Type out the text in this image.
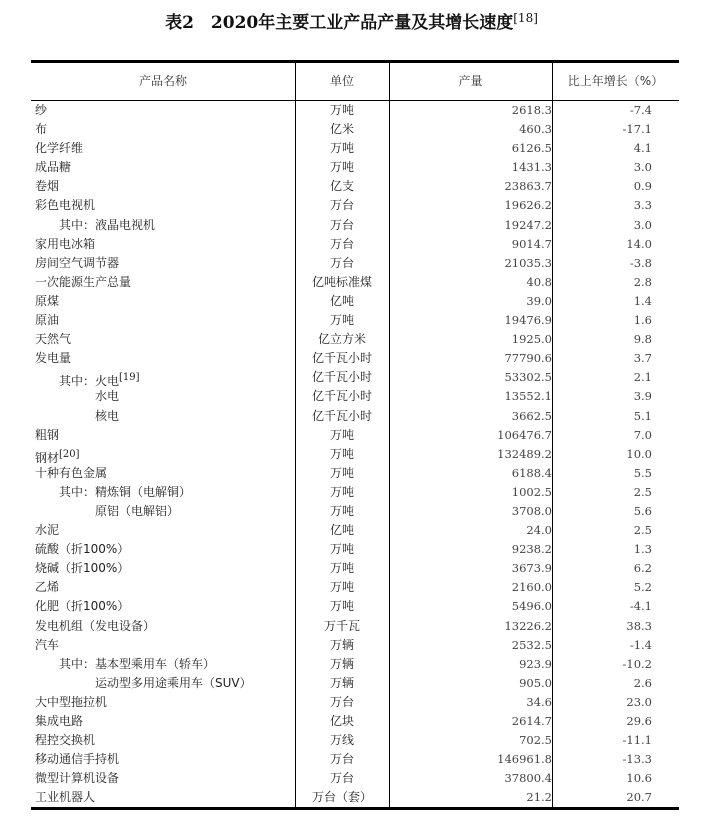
表2　2020年主要工业产品产量及其增长速度[18]
产品名称	单位	产量	比上年增长（%）
纱	万吨	2618.3	-7.4
布	亿米	460.3	-17.1
化学纤维	万吨	6126.5	4.1
成品糖	万吨	1431.3	3.0
卷烟	亿支	23863.7	0.9
彩色电视机	万台	19626.2	3.3
其中：液晶电视机	万台	19247.2	3.0
家用电冰箱	万台	9014.7	14.0
房间空气调节器	万台	21035.3	-3.8
一次能源生产总量	亿吨标准煤	40.8	2.8
原煤	亿吨	39.0	1.4
原油	万吨	19476.9	1.6
天然气	亿立方米	1925.0	9.8
发电量	亿千瓦小时	77790.6	3.7
其中：火电[19]	亿千瓦小时	53302.5	2.1
水电	亿千瓦小时	13552.1	3.9
核电	亿千瓦小时	3662.5	5.1
粗钢	万吨	106476.7	7.0
钢材[20]	万吨	132489.2	10.0
十种有色金属	万吨	6188.4	5.5
其中：精炼铜（电解铜）	万吨	1002.5	2.5
原铝（电解铝）	万吨	3708.0	5.6
水泥	亿吨	24.0	2.5
硫酸（折100%）	万吨	9238.2	1.3
烧碱（折100%）	万吨	3673.9	6.2
乙烯	万吨	2160.0	5.2
化肥（折100%）	万吨	5496.0	-4.1
发电机组（发电设备）	万千瓦	13226.2	38.3
汽车	万辆	2532.5	-1.4
其中：基本型乘用车（轿车）	万辆	923.9	-10.2
运动型多用途乘用车（SUV）	万辆	905.0	2.6
大中型拖拉机	万台	34.6	23.0
集成电路	亿块	2614.7	29.6
程控交换机	万线	702.5	-11.1
移动通信手持机	万台	146961.8	-13.3
微型计算机设备	万台	37800.4	10.6
工业机器人	万台（套）	21.2	20.7
